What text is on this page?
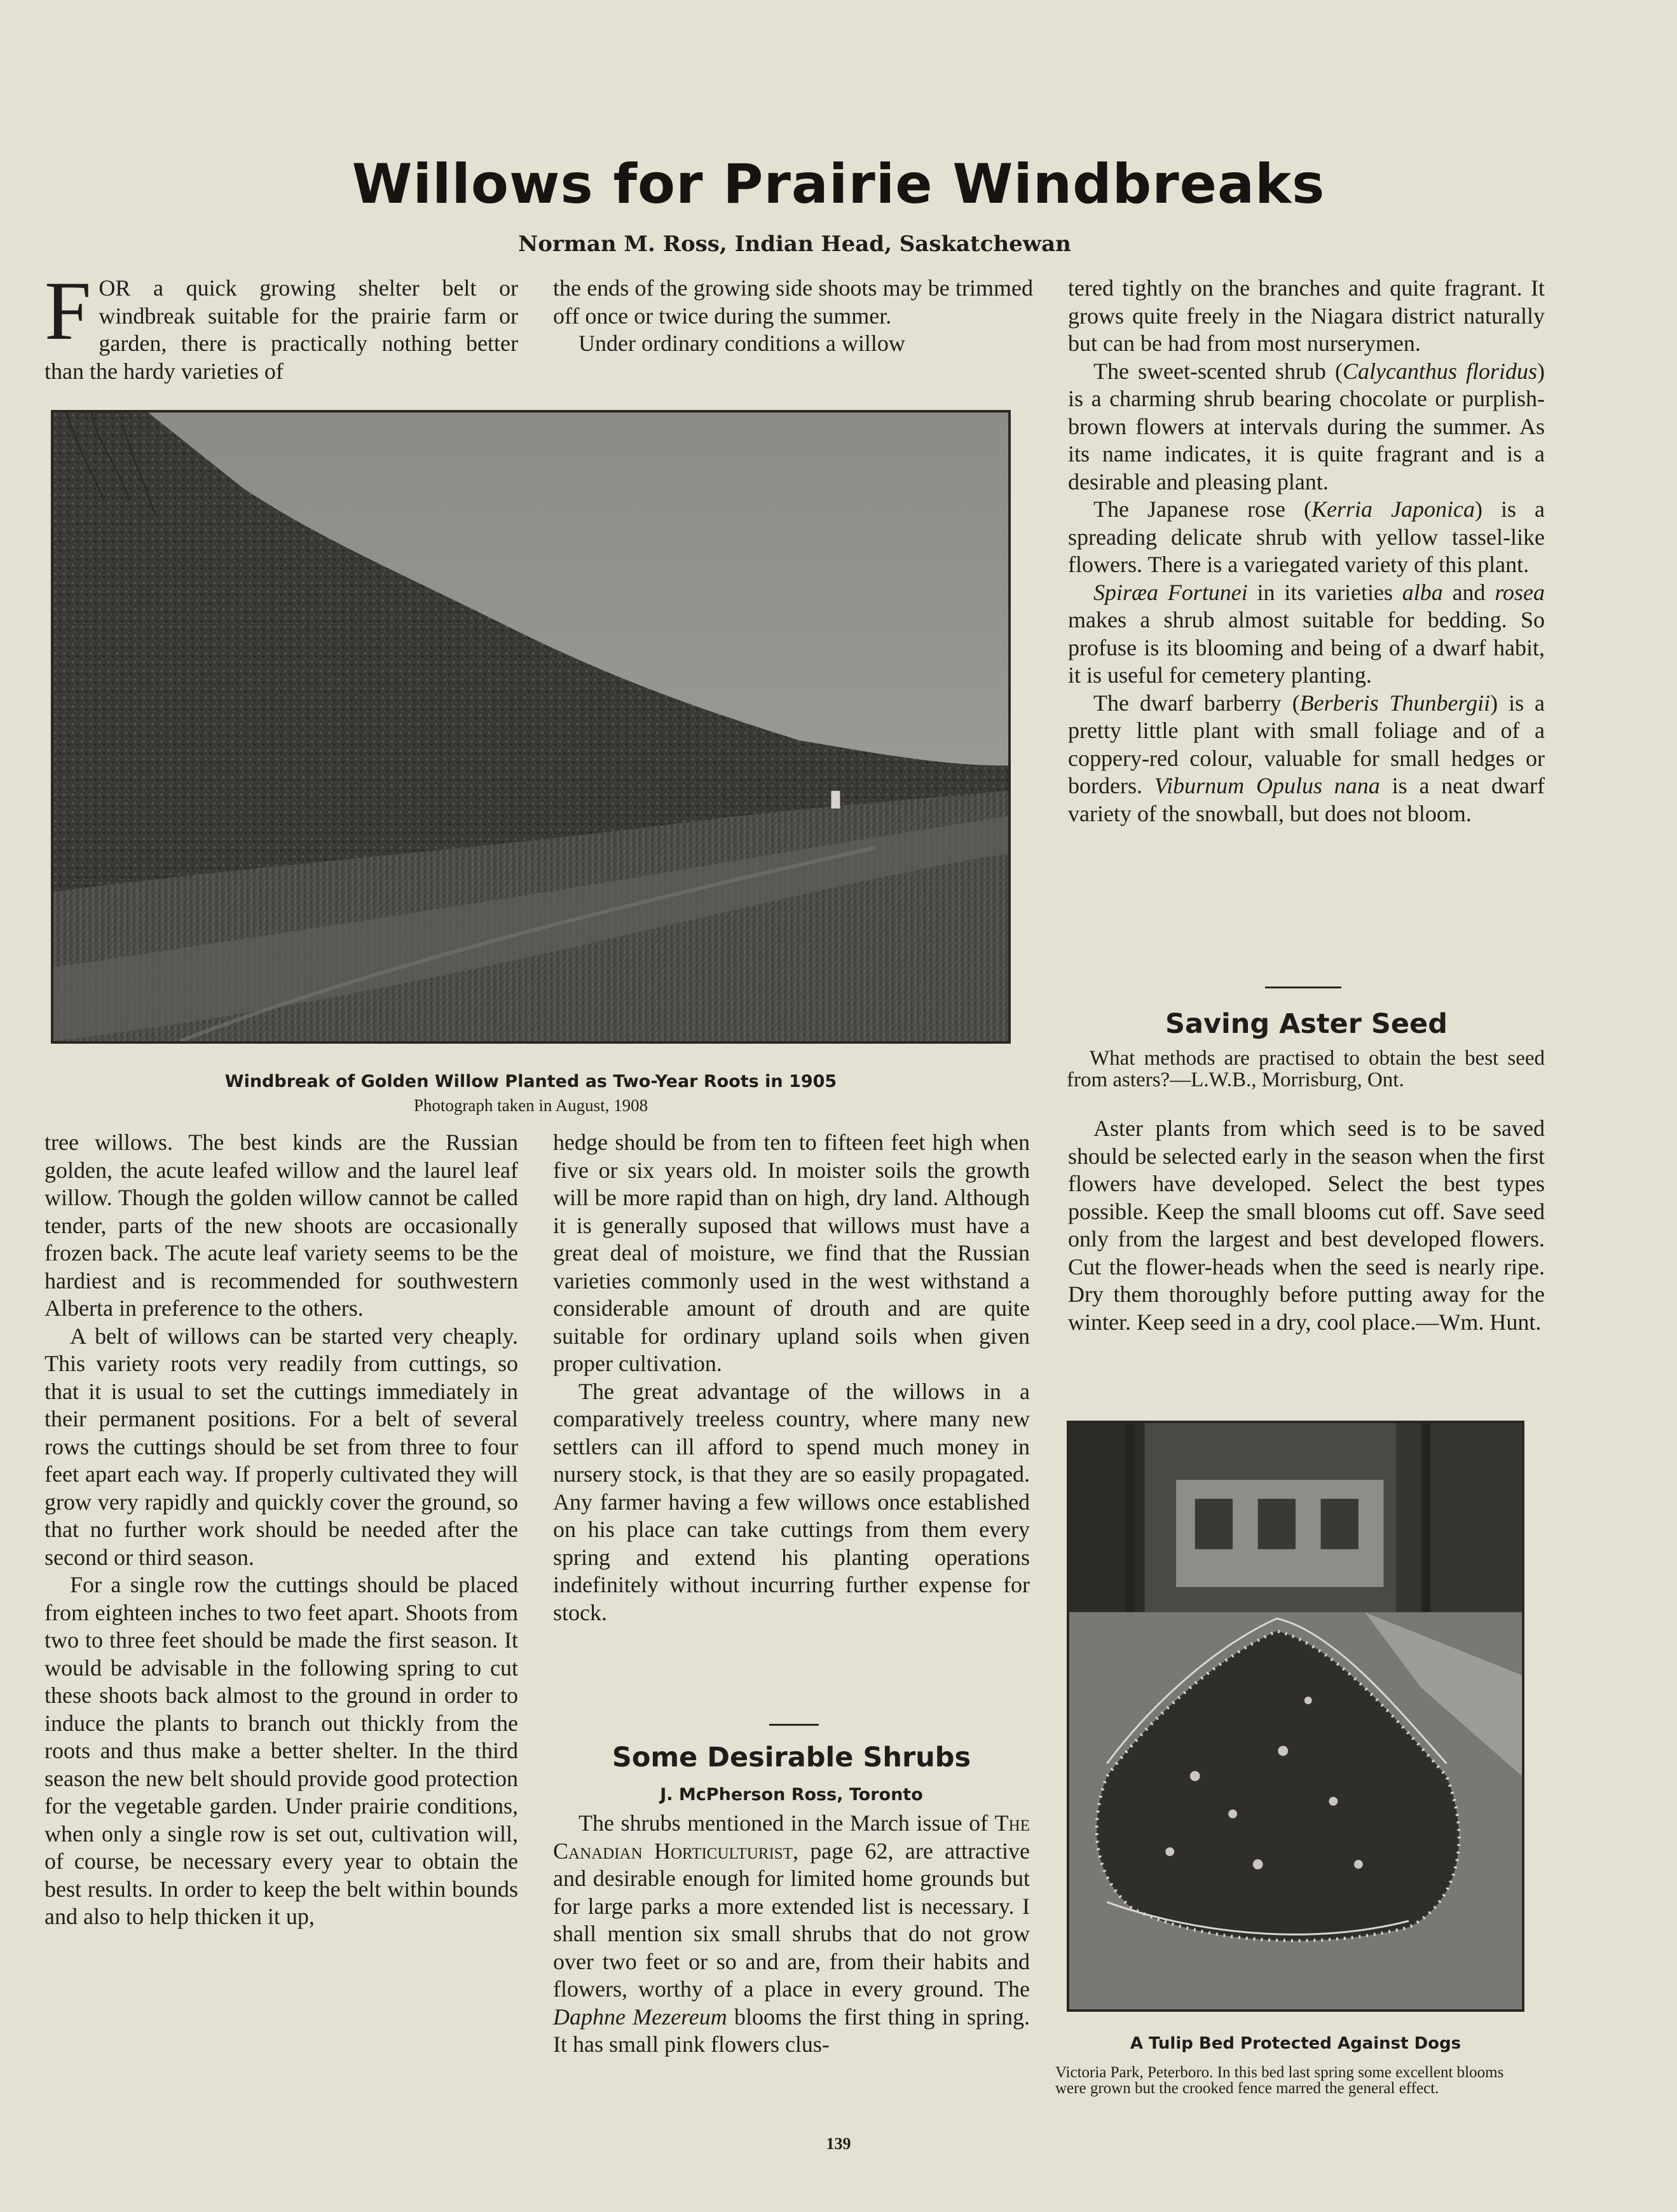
Willows for Prairie Windbreaks
Norman M. Ross, Indian Head, Saskatchewan

FOR a quick growing shelter belt or windbreak suitable for the prairie farm or garden, there is practically nothing better than the hardy varieties of

the ends of the growing side shoots may be trimmed off once or twice during the summer.

Under ordinary conditions a willow

Windbreak of Golden Willow Planted as Two-Year Roots in 1905
Photograph taken in August, 1908

tree willows. The best kinds are the Russian golden, the acute leafed willow and the laurel leaf willow. Though the golden willow cannot be called tender, parts of the new shoots are occasionally frozen back. The acute leaf variety seems to be the hardiest and is recommended for southwestern Alberta in preference to the others.

A belt of willows can be started very cheaply. This variety roots very readily from cuttings, so that it is usual to set the cuttings immediately in their permanent positions. For a belt of several rows the cuttings should be set from three to four feet apart each way. If properly cultivated they will grow very rapidly and quickly cover the ground, so that no further work should be needed after the second or third season.

For a single row the cuttings should be placed from eighteen inches to two feet apart. Shoots from two to three feet should be made the first season. It would be advisable in the following spring to cut these shoots back almost to the ground in order to induce the plants to branch out thickly from the roots and thus make a better shelter. In the third season the new belt should provide good protection for the vegetable garden. Under prairie conditions, when only a single row is set out, cultivation will, of course, be necessary every year to obtain the best results. In order to keep the belt within bounds and also to help thicken it up,

hedge should be from ten to fifteen feet high when five or six years old. In moister soils the growth will be more rapid than on high, dry land. Although it is generally suposed that willows must have a great deal of moisture, we find that the Russian varieties commonly used in the west withstand a considerable amount of drouth and are quite suitable for ordinary upland soils when given proper cultivation.

The great advantage of the willows in a comparatively treeless country, where many new settlers can ill afford to spend much money in nursery stock, is that they are so easily propagated. Any farmer having a few willows once established on his place can take cuttings from them every spring and extend his planting operations indefinitely without incurring further expense for stock.

Some Desirable Shrubs
J. McPherson Ross, Toronto

The shrubs mentioned in the March issue of The Canadian Horticulturist, page 62, are attractive and desirable enough for limited home grounds but for large parks a more extended list is necessary. I shall mention six small shrubs that do not grow over two feet or so and are, from their habits and flowers, worthy of a place in every ground. The Daphne Mezereum blooms the first thing in spring. It has small pink flowers clus-

tered tightly on the branches and quite fragrant. It grows quite freely in the Niagara district naturally but can be had from most nurserymen.

The sweet-scented shrub (Calycanthus floridus) is a charming shrub bearing chocolate or purplish-brown flowers at intervals during the summer. As its name indicates, it is quite fragrant and is a desirable and pleasing plant.

The Japanese rose (Kerria Japonica) is a spreading delicate shrub with yellow tassel-like flowers. There is a variegated variety of this plant.

Spiræa Fortunei in its varieties alba and rosea makes a shrub almost suitable for bedding. So profuse is its blooming and being of a dwarf habit, it is useful for cemetery planting.

The dwarf barberry (Berberis Thunbergii) is a pretty little plant with small foliage and of a coppery-red colour, valuable for small hedges or borders. Viburnum Opulus nana is a neat dwarf variety of the snowball, but does not bloom.

Saving Aster Seed

What methods are practised to obtain the best seed from asters?—L.W.B., Morrisburg, Ont.

Aster plants from which seed is to be saved should be selected early in the season when the first flowers have developed. Select the best types possible. Keep the small blooms cut off. Save seed only from the largest and best developed flowers. Cut the flower-heads when the seed is nearly ripe. Dry them thoroughly before putting away for the winter. Keep seed in a dry, cool place.—Wm. Hunt.

A Tulip Bed Protected Against Dogs
Victoria Park, Peterboro. In this bed last spring some excellent blooms were grown but the crooked fence marred the general effect.
139
